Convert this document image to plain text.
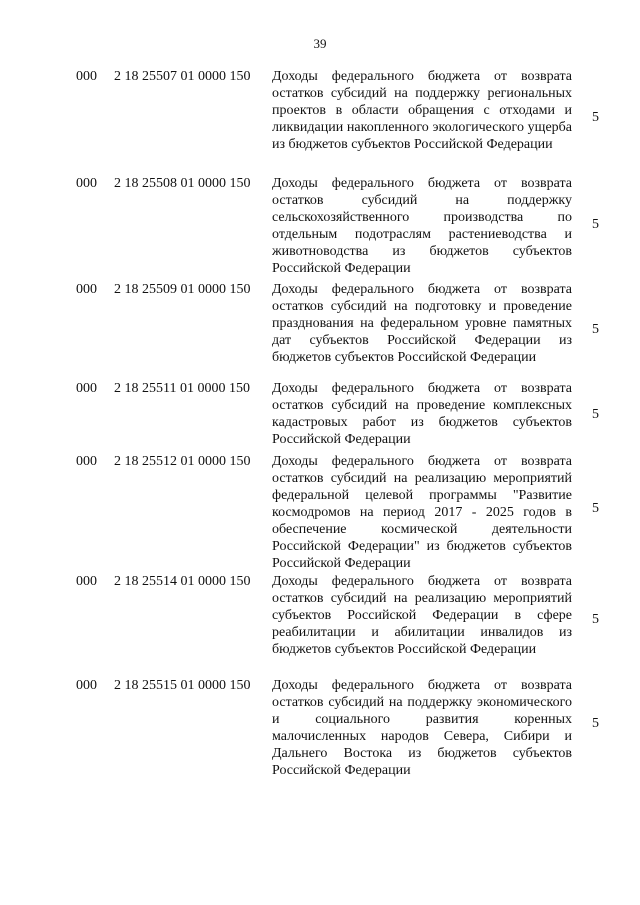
39
000	2 18 25507 01 0000 150 Доходы федерального бюджета от возврата остатков субсидий на поддержку региональных проектов в области обращения с отходами и ликвидации накопленного экологического ущерба из бюджетов субъектов Российской Федерации
5
000	2 18 25508 01 0000 150 Доходы федерального бюджета от возврата остатков субсидий на поддержку сельскохозяйственного производства по отдельным подотраслям растениеводства и животноводства из бюджетов субъектов Российской Федерации
5
000	2 18 25509 01 0000 150 Доходы федерального бюджета от возврата остатков субсидий на подготовку и проведение празднования на федеральном уровне памятных дат субъектов Российской Федерации из бюджетов субъектов Российской Федерации
5
000	2 18 25511 01 0000 150 Доходы федерального бюджета от возврата остатков субсидий на проведение комплексных кадастровых работ из бюджетов субъектов Российской Федерации
5
000	2 18 25512 01 0000 150 Доходы федерального бюджета от возврата остатков субсидий на реализацию мероприятий федеральной целевой программы "Развитие космодромов на период 2017 - 2025 годов в обеспечение космической деятельности Российской Федерации" из бюджетов субъектов Российской Федерации
5
000	2 18 25514 01 0000 150 Доходы федерального бюджета от возврата остатков субсидий на реализацию мероприятий субъектов Российской Федерации в сфере реабилитации и абилитации инвалидов из бюджетов субъектов Российской Федерации
5
000	2 18 25515 01 0000 150 Доходы федерального бюджета от возврата остатков субсидий на поддержку экономического и социального развития коренных малочисленных народов Севера, Сибири и Дальнего Востока из бюджетов субъектов Российской Федерации
5
